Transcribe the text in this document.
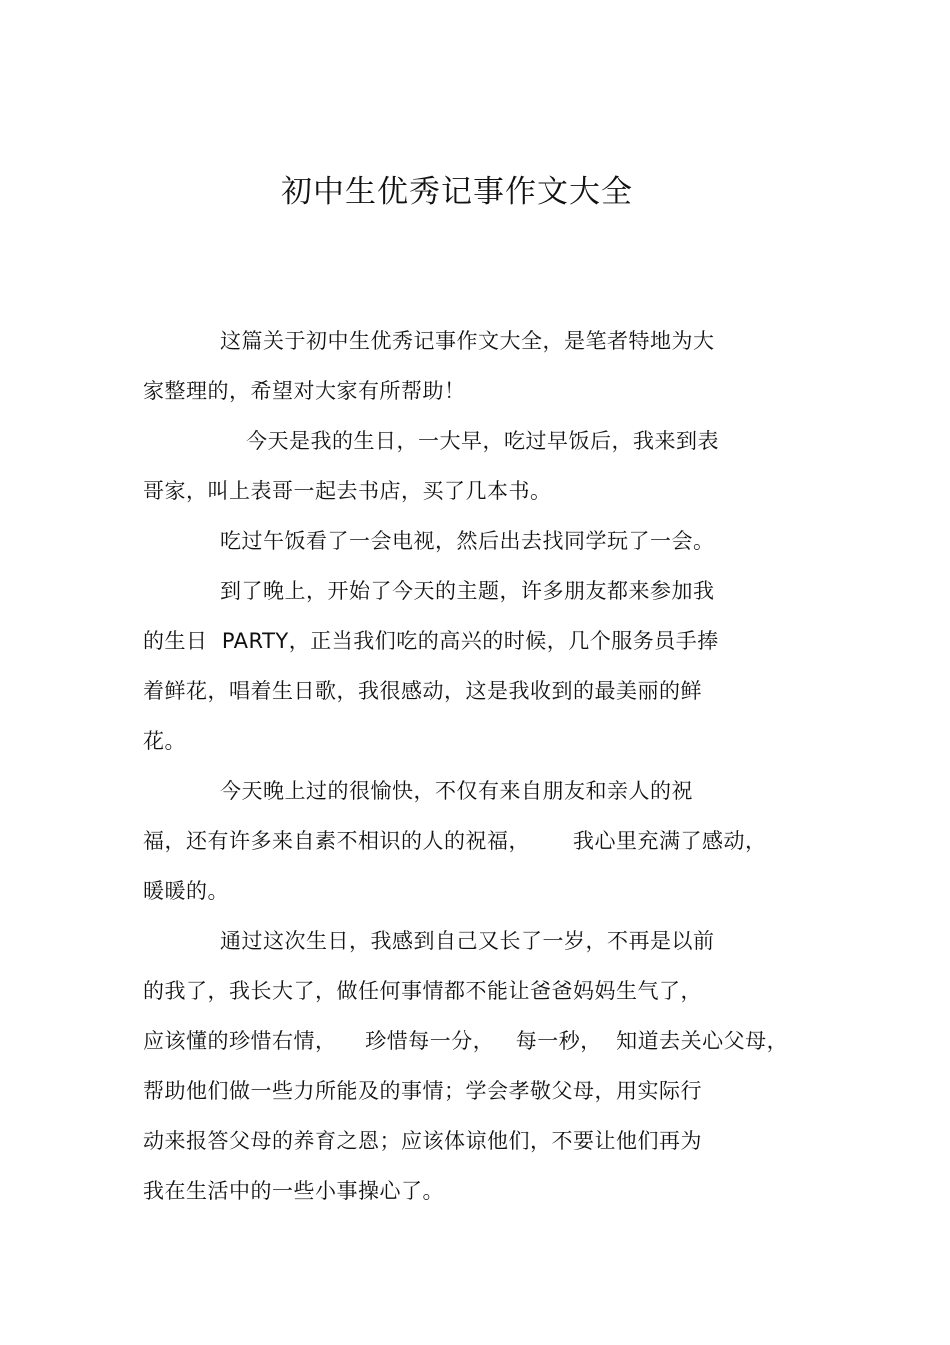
初中生优秀记事作文大全
这篇关于初中生优秀记事作文大全，是笔者特地为大
家整理的，希望对大家有所帮助！
今天是我的生日，一大早，吃过早饭后，我来到表
哥家，叫上表哥一起去书店，买了几本书。
吃过午饭看了一会电视，然后出去找同学玩了一会。
到了晚上，开始了今天的主题，许多朋友都来参加我
的生日  PARTY，正当我们吃的高兴的时候，几个服务员手捧
着鲜花，唱着生日歌，我很感动，这是我收到的最美丽的鲜
花。
今天晚上过的很愉快，不仅有来自朋友和亲人的祝
福，还有许多来自素不相识的人的祝福，      我心里充满了感动，
暖暖的。
通过这次生日，我感到自己又长了一岁，不再是以前
的我了，我长大了，做任何事情都不能让爸爸妈妈生气了，
应该懂的珍惜右情，    珍惜每一分，   每一秒，  知道去关心父母，
帮助他们做一些力所能及的事情；学会孝敬父母，用实际行
动来报答父母的养育之恩；应该体谅他们，不要让他们再为
我在生活中的一些小事操心了。
